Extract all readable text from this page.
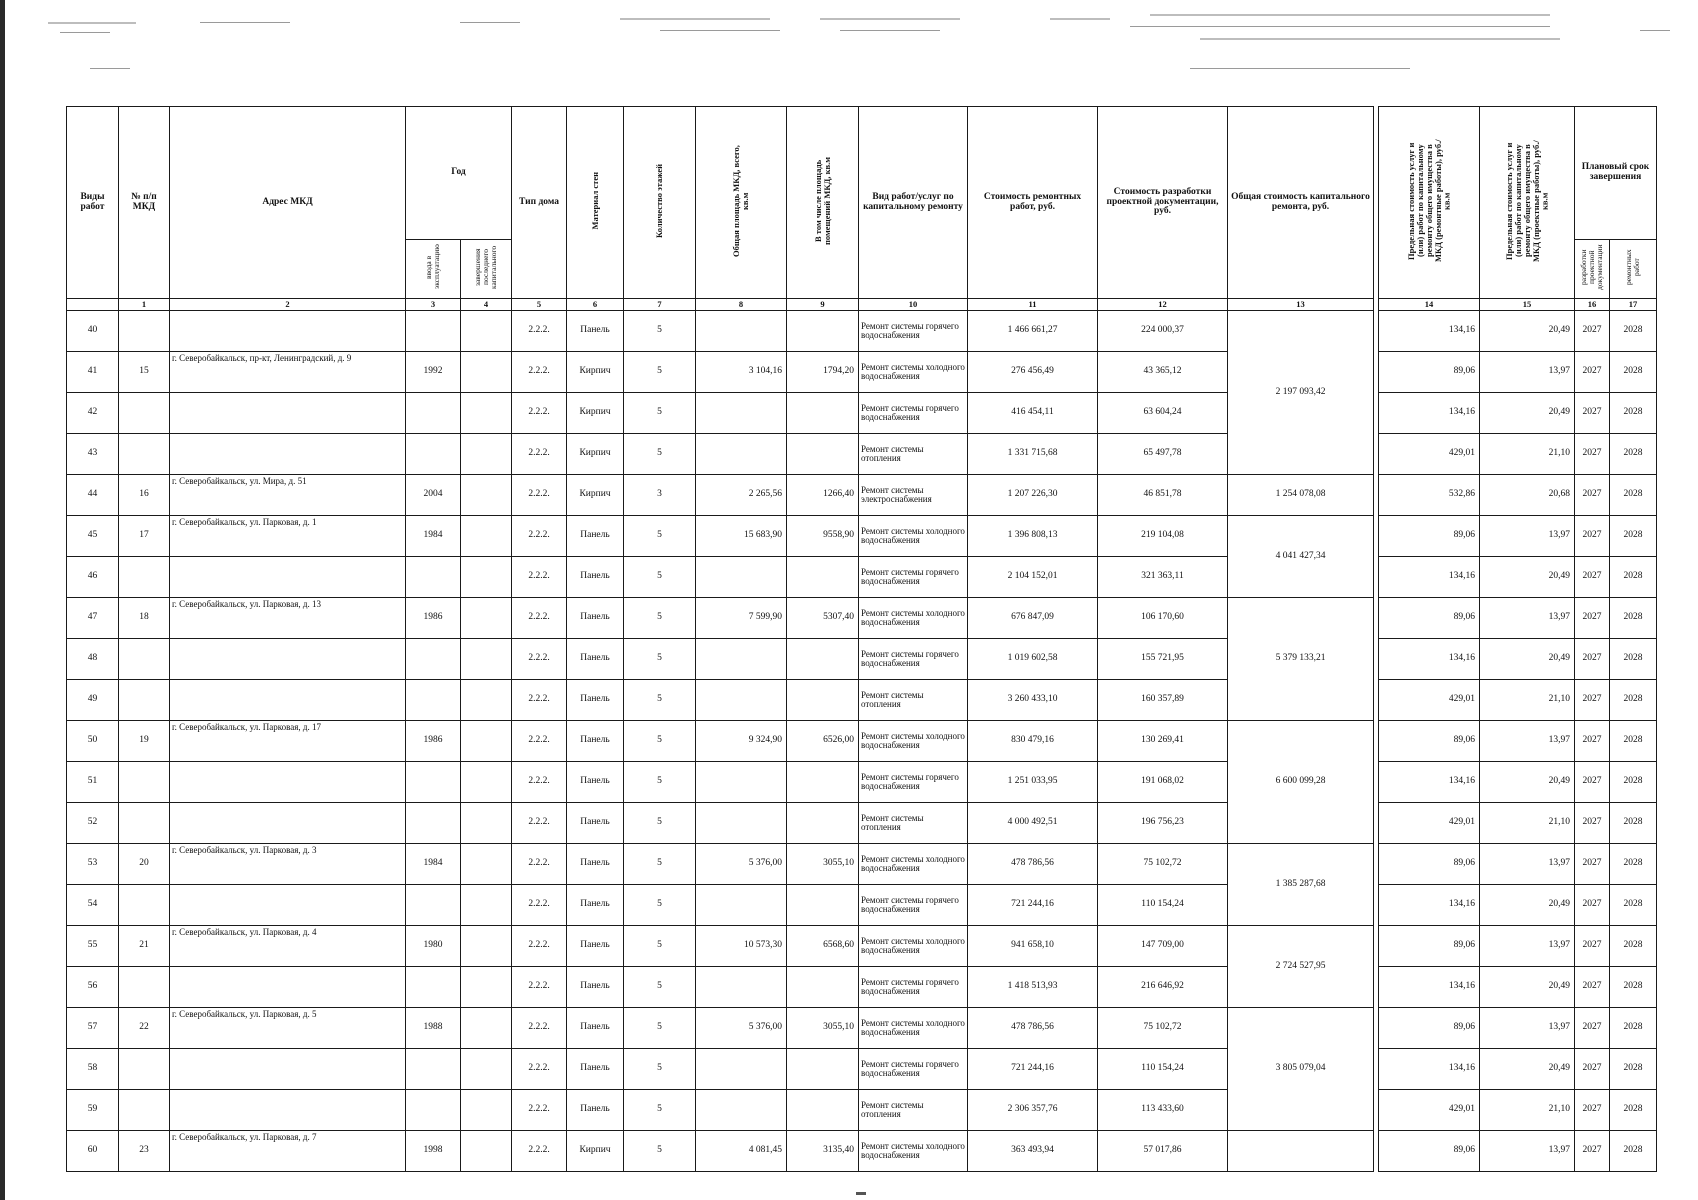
Виды работ	№ п/п МКД	Адрес МКД	Год		Тип дома	Материал стен	Количество этажей	Общая площадь МКД, всего, кв.м	В том числе площадь помещений МКД, кв.м	Вид работ/услуг по капитальному ремонту	Стоимость ремонтных работ, руб.	Стоимость разработки проектной документации, руб.	Общая стоимость капитального ремонта, руб.		Предельная стоимость услуг и (или) работ по капитальному ремонту общего имущества в МКД (ремонтные работы), руб./кв.м	Предельная стоимость услуг и (или) работ по капитальному ремонту общего имущества в МКД (проектные работы), руб./кв.м	Плановый срок завершения	
			ввода в эксплуатацию	завершения последнего капитального													разработки проектной документации	ремонтных работ
	1	2	3	4	5	6	7	8	9	10	11	12	13		14	15	16	17
40					2.2.2.	Панель	5			Ремонт системы горячего водоснабжения	1 466 661,27	224 000,37	2 197 093,42		134,16	20,49	2027	2028
41	15	г. Северобайкальск, пр-кт, Ленинградский, д. 9	1992		2.2.2.	Кирпич	5	3 104,16	1794,20	Ремонт системы холодного водоснабжения	276 456,49	43 365,12			89,06	13,97	2027	2028
42					2.2.2.	Кирпич	5			Ремонт системы горячего водоснабжения	416 454,11	63 604,24			134,16	20,49	2027	2028
43					2.2.2.	Кирпич	5			Ремонт системы отопления	1 331 715,68	65 497,78			429,01	21,10	2027	2028
44	16	г. Северобайкальск, ул. Мира, д. 51	2004		2.2.2.	Кирпич	3	2 265,56	1266,40	Ремонт системы электроснабжения	1 207 226,30	46 851,78	1 254 078,08		532,86	20,68	2027	2028
45	17	г. Северобайкальск, ул. Парковая, д. 1	1984		2.2.2.	Панель	5	15 683,90	9558,90	Ремонт системы холодного водоснабжения	1 396 808,13	219 104,08	4 041 427,34		89,06	13,97	2027	2028
46					2.2.2.	Панель	5			Ремонт системы горячего водоснабжения	2 104 152,01	321 363,11			134,16	20,49	2027	2028
47	18	г. Северобайкальск, ул. Парковая, д. 13	1986		2.2.2.	Панель	5	7 599,90	5307,40	Ремонт системы холодного водоснабжения	676 847,09	106 170,60	5 379 133,21		89,06	13,97	2027	2028
48					2.2.2.	Панель	5			Ремонт системы горячего водоснабжения	1 019 602,58	155 721,95			134,16	20,49	2027	2028
49					2.2.2.	Панель	5			Ремонт системы отопления	3 260 433,10	160 357,89			429,01	21,10	2027	2028
50	19	г. Северобайкальск, ул. Парковая, д. 17	1986		2.2.2.	Панель	5	9 324,90	6526,00	Ремонт системы холодного водоснабжения	830 479,16	130 269,41	6 600 099,28		89,06	13,97	2027	2028
51					2.2.2.	Панель	5			Ремонт системы горячего водоснабжения	1 251 033,95	191 068,02			134,16	20,49	2027	2028
52					2.2.2.	Панель	5			Ремонт системы отопления	4 000 492,51	196 756,23			429,01	21,10	2027	2028
53	20	г. Северобайкальск, ул. Парковая, д. 3	1984		2.2.2.	Панель	5	5 376,00	3055,10	Ремонт системы холодного водоснабжения	478 786,56	75 102,72	1 385 287,68		89,06	13,97	2027	2028
54					2.2.2.	Панель	5			Ремонт системы горячего водоснабжения	721 244,16	110 154,24			134,16	20,49	2027	2028
55	21	г. Северобайкальск, ул. Парковая, д. 4	1980		2.2.2.	Панель	5	10 573,30	6568,60	Ремонт системы холодного водоснабжения	941 658,10	147 709,00	2 724 527,95		89,06	13,97	2027	2028
56					2.2.2.	Панель	5			Ремонт системы горячего водоснабжения	1 418 513,93	216 646,92			134,16	20,49	2027	2028
57	22	г. Северобайкальск, ул. Парковая, д. 5	1988		2.2.2.	Панель	5	5 376,00	3055,10	Ремонт системы холодного водоснабжения	478 786,56	75 102,72	3 805 079,04		89,06	13,97	2027	2028
58					2.2.2.	Панель	5			Ремонт системы горячего водоснабжения	721 244,16	110 154,24			134,16	20,49	2027	2028
59					2.2.2.	Панель	5			Ремонт системы отопления	2 306 357,76	113 433,60			429,01	21,10	2027	2028
60	23	г. Северобайкальск, ул. Парковая, д. 7	1998		2.2.2.	Кирпич	5	4 081,45	3135,40	Ремонт системы холодного водоснабжения	363 493,94	57 017,86			89,06	13,97	2027	2028
